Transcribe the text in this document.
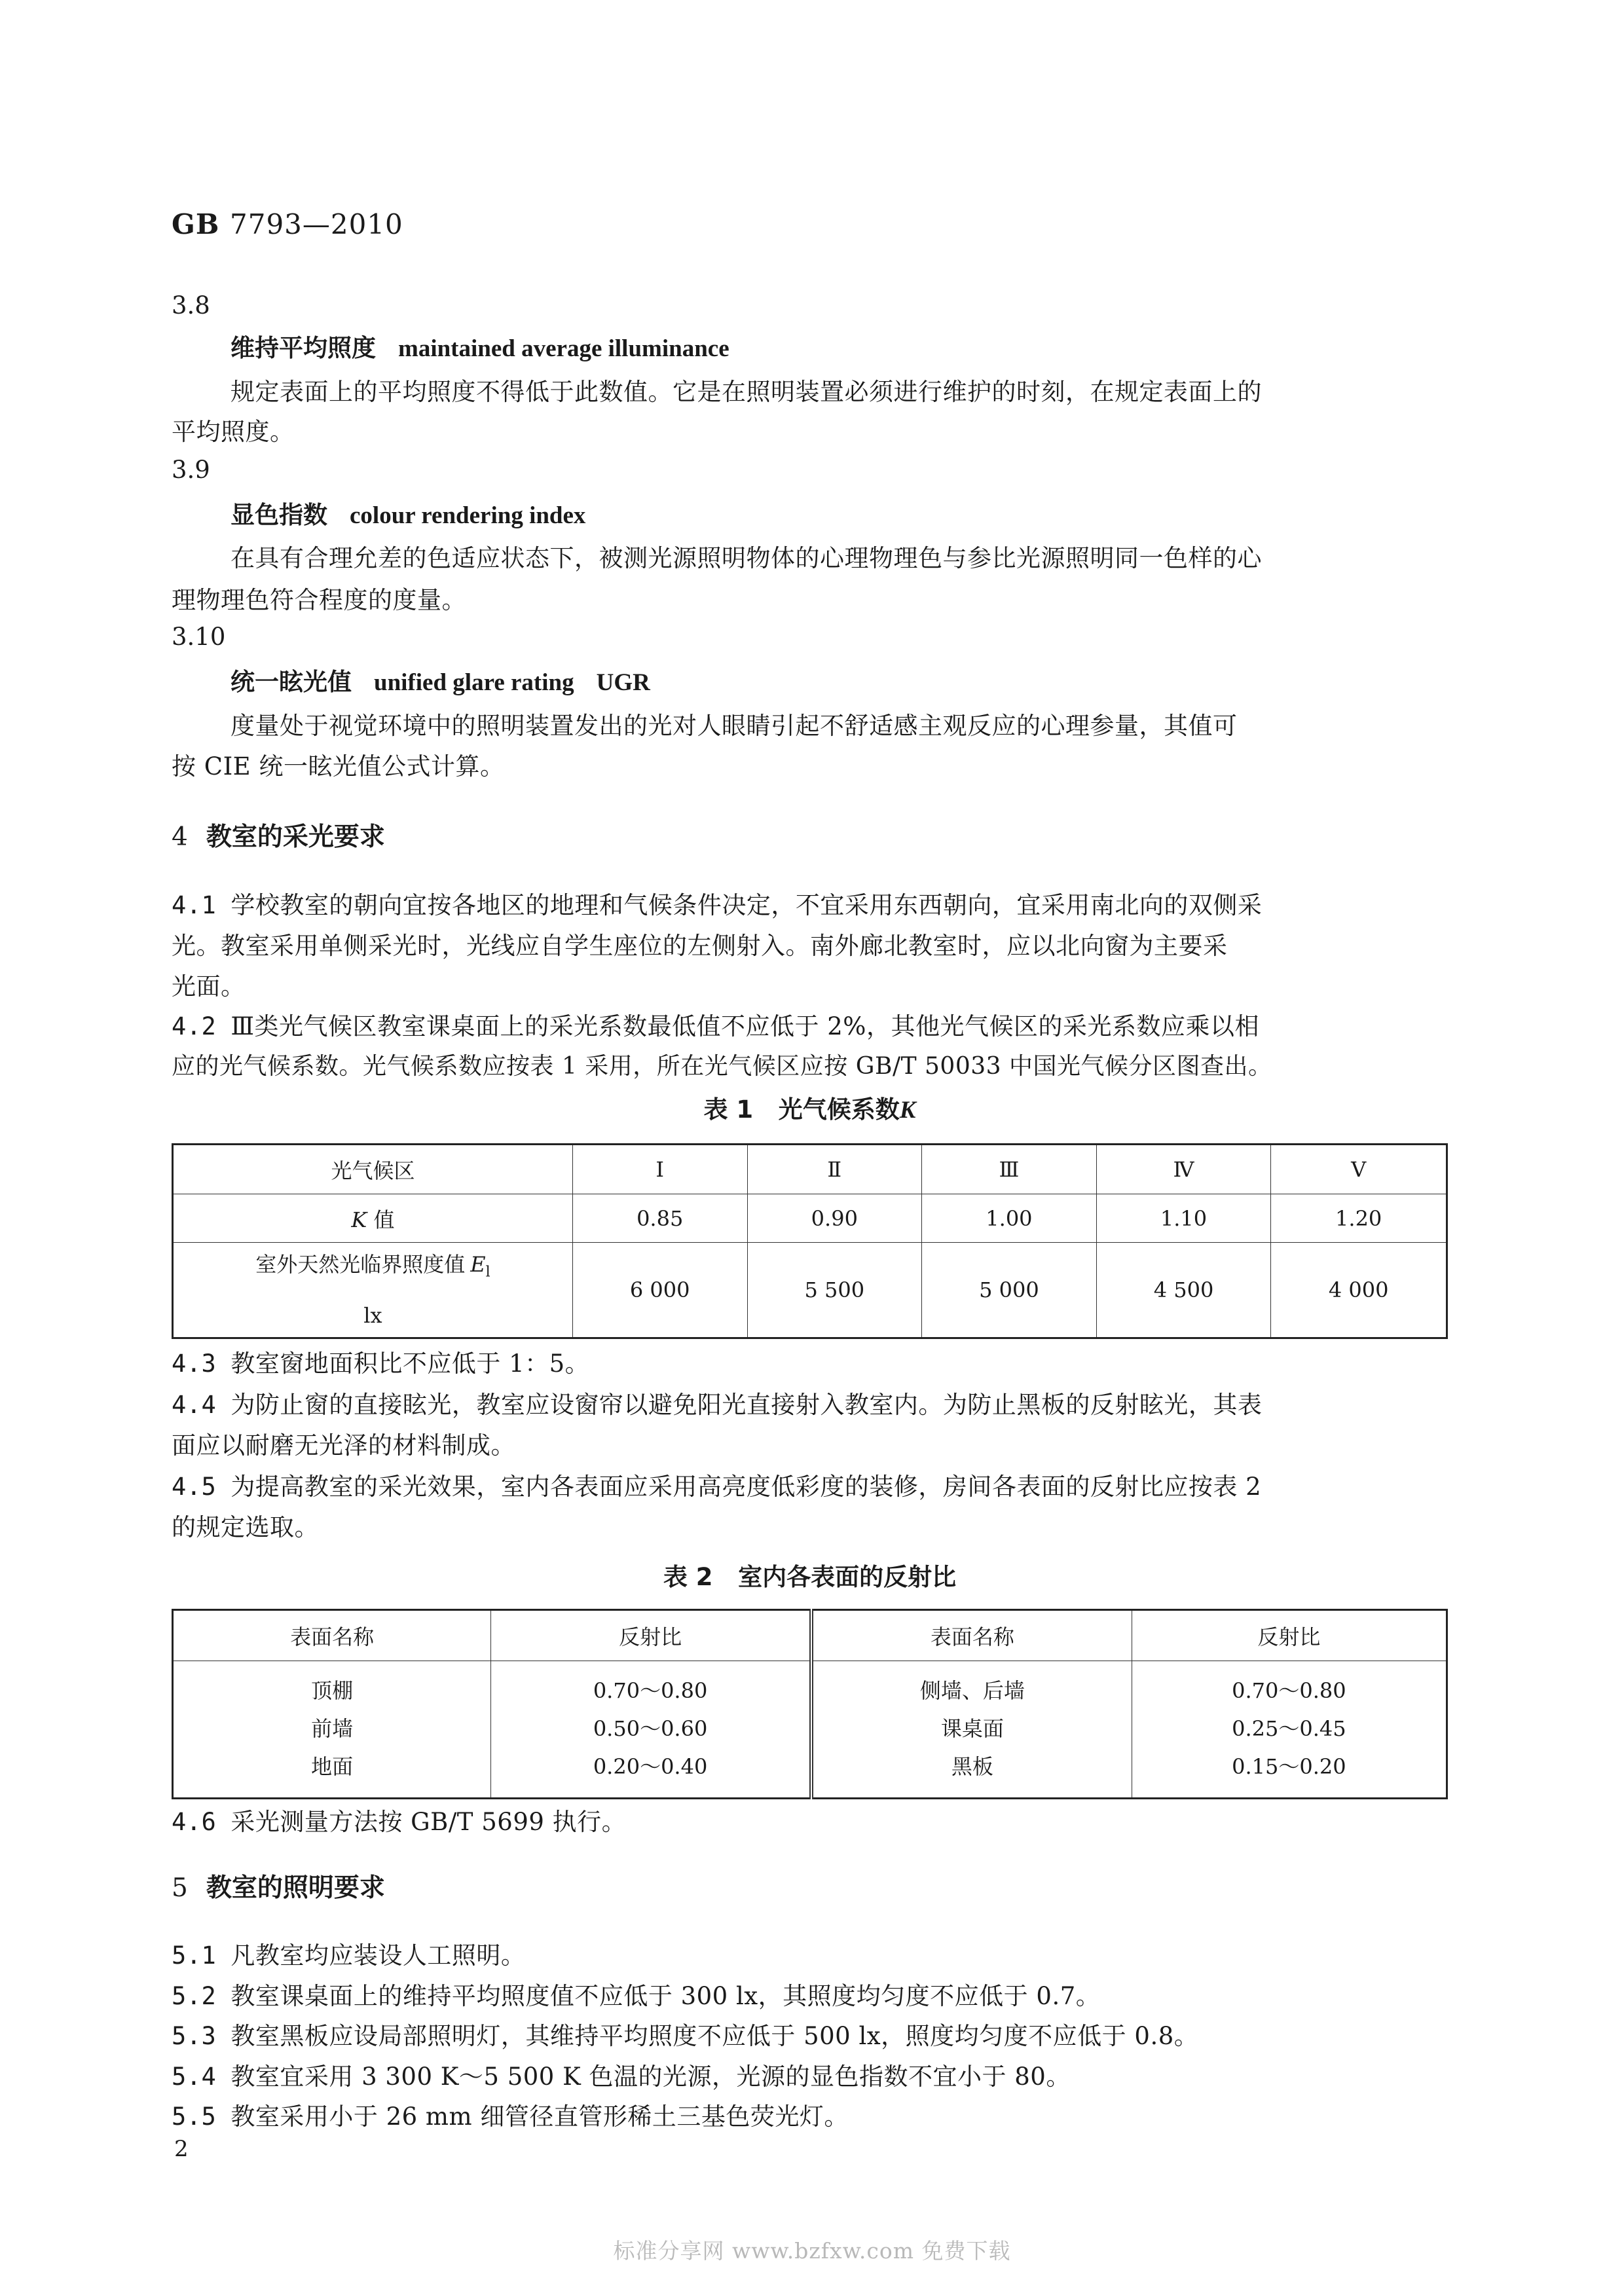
GB 7793—2010
3.8
维持平均照度 maintained average illuminance
规定表面上的平均照度不得低于此数值。它是在照明装置必须进行维护的时刻，在规定表面上的
平均照度。
3.9
显色指数 colour rendering index
在具有合理允差的色适应状态下，被测光源照明物体的心理物理色与参比光源照明同一色样的心
理物理色符合程度的度量。
3.10
统一眩光值 unified glare rating UGR
度量处于视觉环境中的照明装置发出的光对人眼睛引起不舒适感主观反应的心理参量，其值可
按 CIE 统一眩光值公式计算。
4 教室的采光要求
4.1 学校教室的朝向宜按各地区的地理和气候条件决定，不宜采用东西朝向，宜采用南北向的双侧采
光。教室采用单侧采光时，光线应自学生座位的左侧射入。南外廊北教室时，应以北向窗为主要采
光面。
4.2 Ⅲ类光气候区教室课桌面上的采光系数最低值不应低于 2%，其他光气候区的采光系数应乘以相
应的光气候系数。光气候系数应按表 1 采用，所在光气候区应按 GB/T 50033 中国光气候分区图查出。
表 1 光气候系数K
光气候区	Ⅰ	Ⅱ	Ⅲ	Ⅳ	Ⅴ
K 值	0.85	0.90	1.00	1.10	1.20
室外天然光临界照度值 $E_l$
lx	6 000	5 500	5 000	4 500	4 000
4.3 教室窗地面积比不应低于 1：5。
4.4 为防止窗的直接眩光，教室应设窗帘以避免阳光直接射入教室内。为防止黑板的反射眩光，其表
面应以耐磨无光泽的材料制成。
4.5 为提高教室的采光效果，室内各表面应采用高亮度低彩度的装修，房间各表面的反射比应按表 2
的规定选取。
表 2 室内各表面的反射比
表面名称	反射比	表面名称	反射比
顶棚	0.70～0.80	侧墙、后墙	0.70～0.80
前墙	0.50～0.60	课桌面	0.25～0.45
地面	0.20～0.40	黑板	0.15～0.20
4.6 采光测量方法按 GB/T 5699 执行。
5 教室的照明要求
5.1 凡教室均应装设人工照明。
5.2 教室课桌面上的维持平均照度值不应低于 300 lx，其照度均匀度不应低于 0.7。
5.3 教室黑板应设局部照明灯，其维持平均照度不应低于 500 lx，照度均匀度不应低于 0.8。
5.4 教室宜采用 3 300 K～5 500 K 色温的光源，光源的显色指数不宜小于 80。
5.5 教室采用小于 26 mm 细管径直管形稀土三基色荧光灯。
2
标准分享网 www.bzfxw.com 免费下载
